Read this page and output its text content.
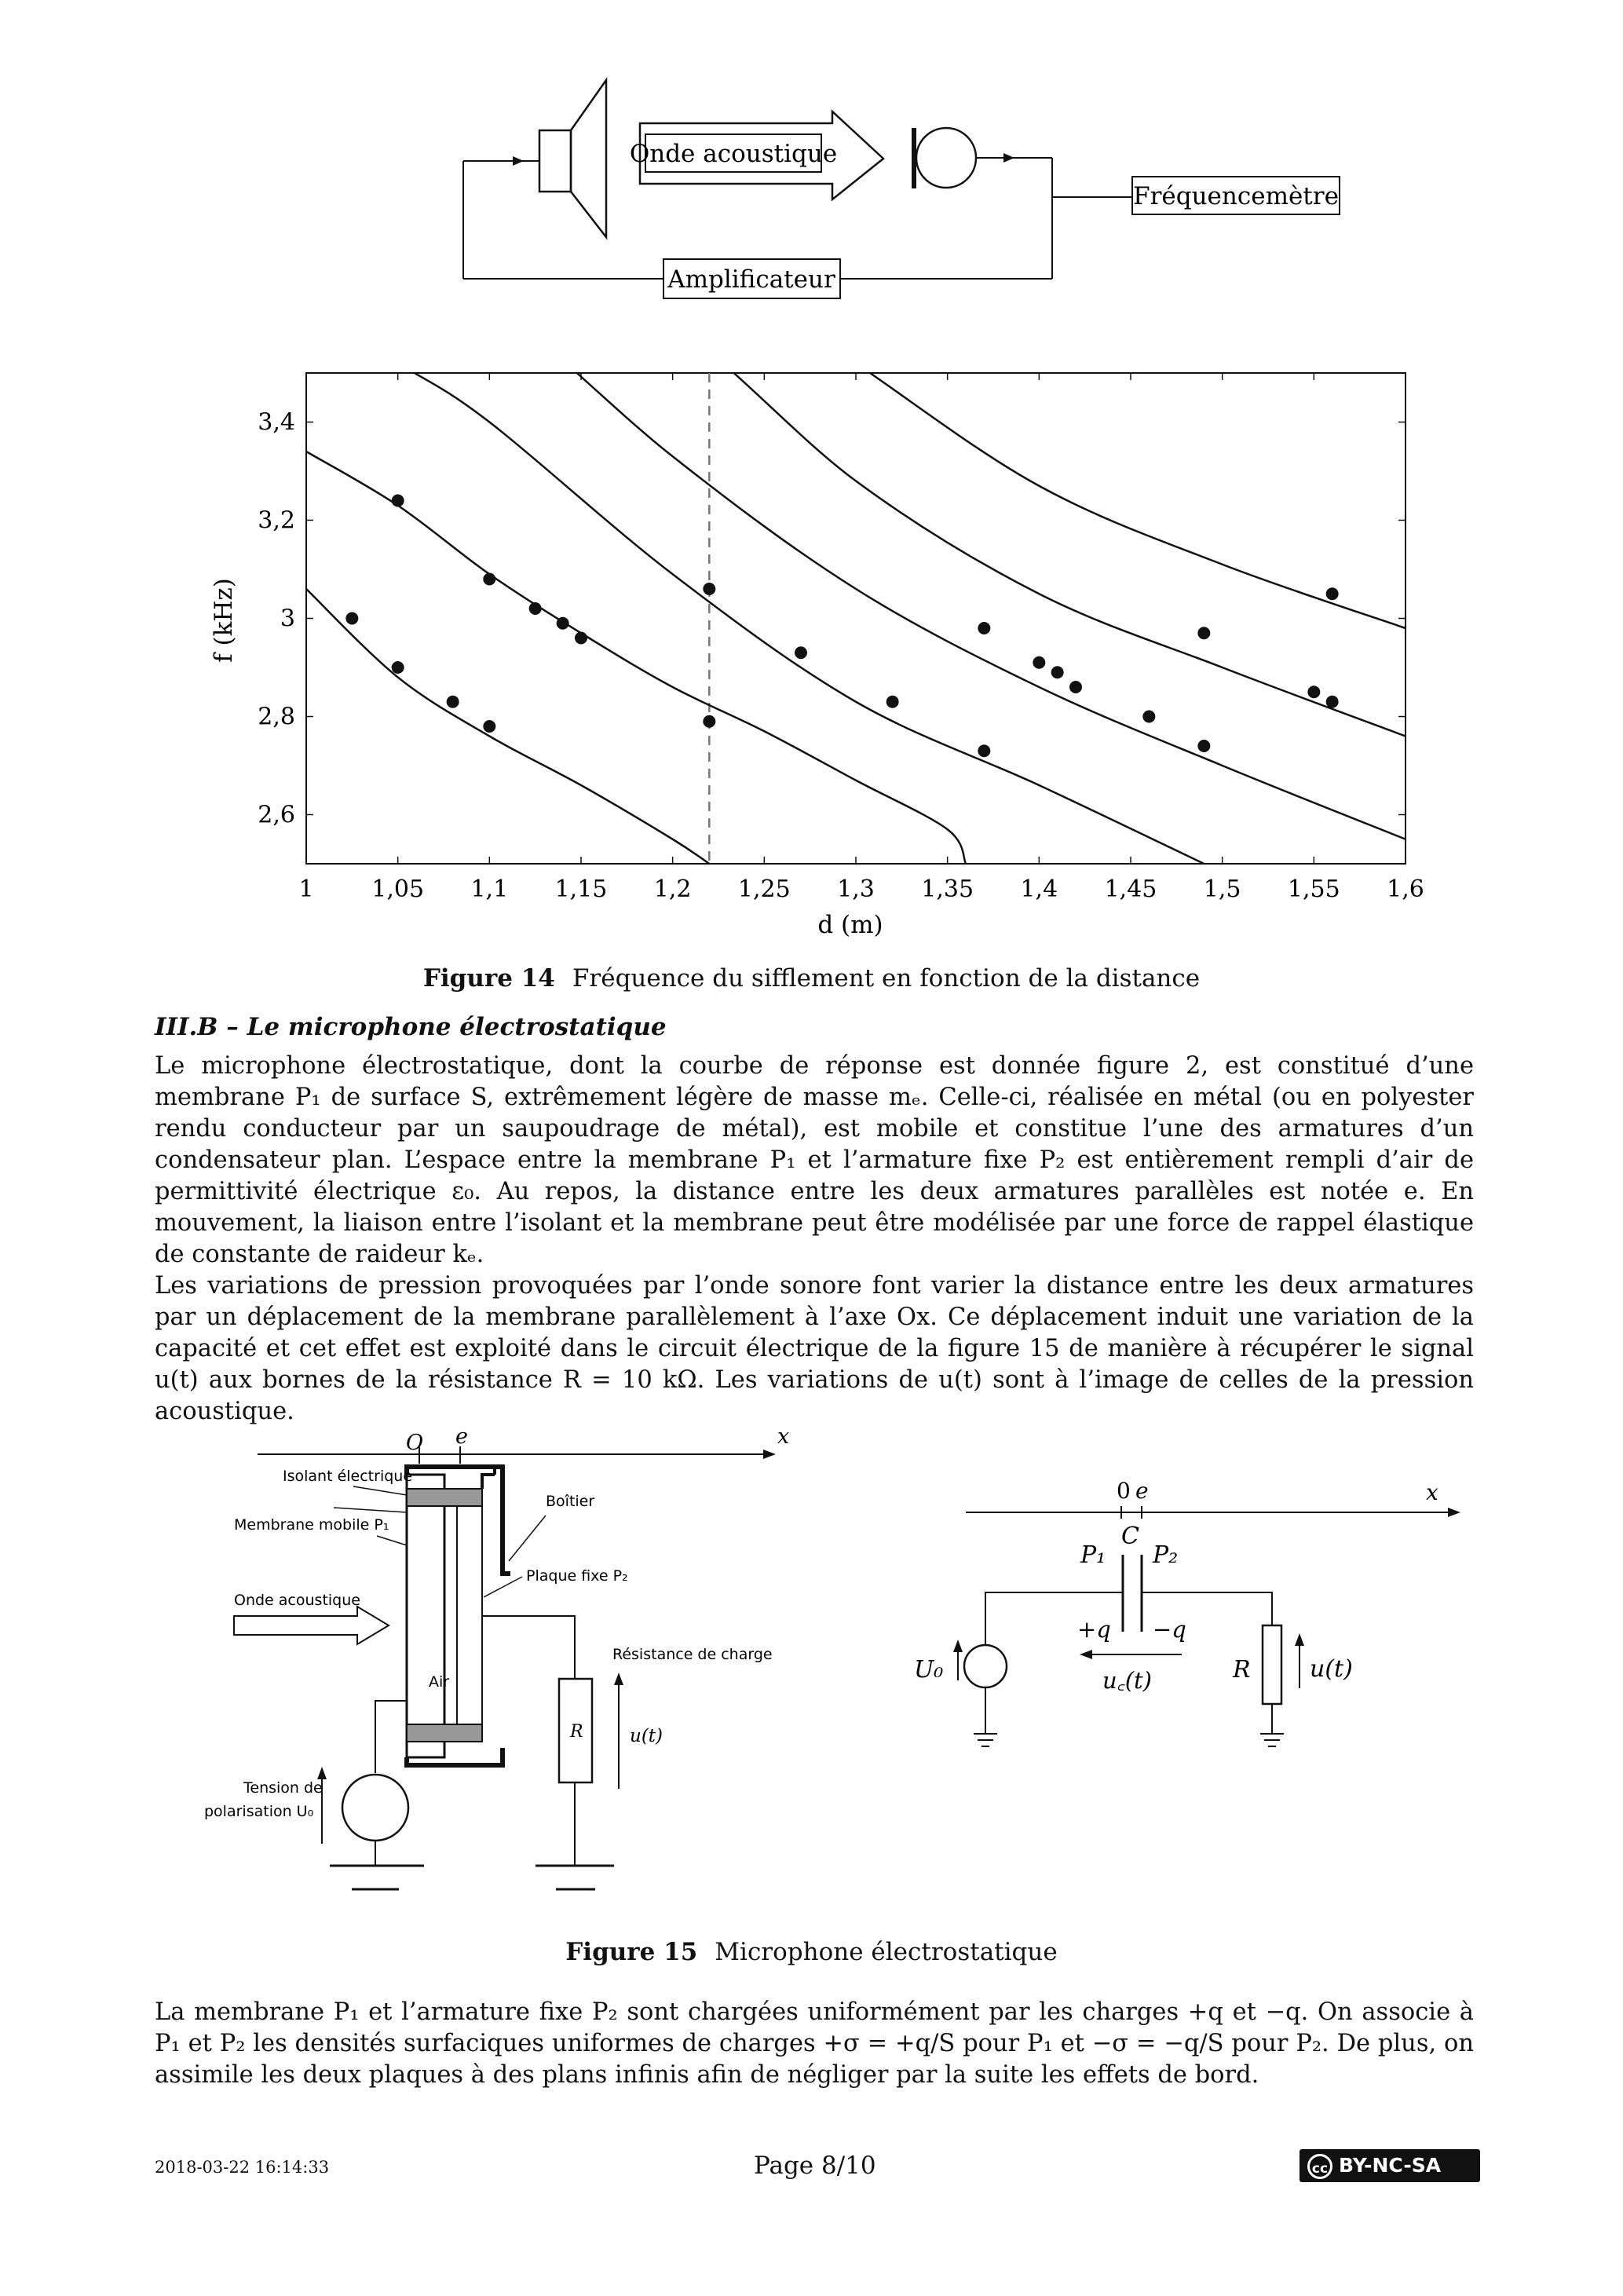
Onde acoustique
Fréquencemètre
Amplificateur
1 1,05 1,1 1,15 1,2 1,25 1,3 1,35 1,4 1,45 1,5 1,55 1,6
2,6
2,8
3
3,2
3,4
f (kHz)
d (m)
Figure 14 Fréquence du sifflement en fonction de la distance
III.B – Le microphone électrostatique

Le microphone électrostatique, dont la courbe de réponse est donnée figure 2, est constitué d’une membrane P₁ de surface S, extrêmement légère de masse mₑ. Celle-ci, réalisée en métal (ou en polyester rendu conducteur par un saupoudrage de métal), est mobile et constitue l’une des armatures d’un condensateur plan. L’espace entre la membrane P₁ et l’armature fixe P₂ est entièrement rempli d’air de permittivité électrique ε₀. Au repos, la distance entre les deux armatures parallèles est notée e. En mouvement, la liaison entre l’isolant et la membrane peut être modélisée par une force de rappel élastique de constante de raideur kₑ.

Les variations de pression provoquées par l’onde sonore font varier la distance entre les deux armatures par un déplacement de la membrane parallèlement à l’axe Ox. Ce déplacement induit une variation de la capacité et cet effet est exploité dans le circuit électrique de la figure 15 de manière à récupérer le signal u(t) aux bornes de la résistance R = 10 kΩ. Les variations de u(t) sont à l’image de celles de la pression acoustique.

x
O e
Air
Isolant électrique
Membrane mobile P₁
Boîtier
Plaque fixe P₂
Onde acoustique
Résistance de charge
R	u(t)
Tension de
polarisation U₀
x
0 e
C
P₁ P₂
+q −q
u꜀(t)
U₀	R	u(t)
Figure 15 Microphone électrostatique

La membrane P₁ et l’armature fixe P₂ sont chargées uniformément par les charges +q et −q. On associe à P₁ et P₂ les densités surfaciques uniformes de charges +σ = +q/S pour P₁ et −σ = −q/S pour P₂. De plus, on assimile les deux plaques à des plans infinis afin de négliger par la suite les effets de bord.

2018-03-22 16:14:33	Page 8/10	cc BY-NC-SA
